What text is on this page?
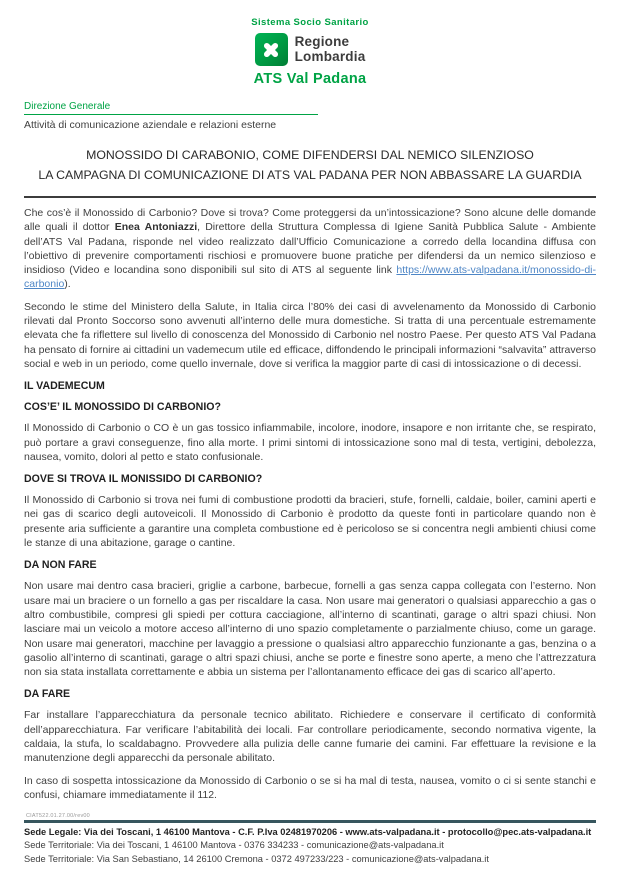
Sistema Socio Sanitario
Regione
Lombardia
ATS Val Padana
Direzione Generale
Attività di comunicazione aziendale e relazioni esterne
MONOSSIDO DI CARABONIO, COME DIFENDERSI DAL NEMICO SILENZIOSO
LA CAMPAGNA DI COMUNICAZIONE DI ATS VAL PADANA PER NON ABBASSARE LA GUARDIA

Che cos’è il Monossido di Carbonio? Dove si trova? Come proteggersi da un’intossicazione? Sono alcune delle domande alle quali il dottor Enea Antoniazzi, Direttore della Struttura Complessa di Igiene Sanità Pubblica Salute - Ambiente dell’ATS Val Padana, risponde nel video realizzato dall’Ufficio Comunicazione a corredo della locandina diffusa con l’obiettivo di prevenire comportamenti rischiosi e promuovere buone pratiche per difendersi da un nemico silenzioso e insidioso (Video e locandina sono disponibili sul sito di ATS al seguente link https://www.ats-valpadana.it/monossido-di-carbonio).

Secondo le stime del Ministero della Salute, in Italia circa l’80% dei casi di avvelenamento da Monossido di Carbonio rilevati dal Pronto Soccorso sono avvenuti all’interno delle mura domestiche. Si tratta di una percentuale estremamente elevata che fa riflettere sul livello di conoscenza del Monossido di Carbonio nel nostro Paese. Per questo ATS Val Padana ha pensato di fornire ai cittadini un vademecum utile ed efficace, diffondendo le principali informazioni “salvavita” attraverso social e web in un periodo, come quello invernale, dove si verifica la maggior parte di casi di intossicazione o di decessi.

IL VADEMECUM
COS’E’ IL MONOSSIDO DI CARBONIO?

Il Monossido di Carbonio o CO è un gas tossico infiammabile, incolore, inodore, insapore e non irritante che, se respirato, può portare a gravi conseguenze, fino alla morte. I primi sintomi di intossicazione sono mal di testa, vertigini, debolezza, nausea, vomito, dolori al petto e stato confusionale.

DOVE SI TROVA IL MONISSIDO DI CARBONIO?

Il Monossido di Carbonio si trova nei fumi di combustione prodotti da bracieri, stufe, fornelli, caldaie, boiler, camini aperti e nei gas di scarico degli autoveicoli. Il Monossido di Carbonio è prodotto da queste fonti in particolare quando non è presente aria sufficiente a garantire una completa combustione ed è pericoloso se si concentra negli ambienti chiusi come le stanze di una abitazione, garage o cantine.

DA NON FARE

Non usare mai dentro casa bracieri, griglie a carbone, barbecue, fornelli a gas senza cappa collegata con l’esterno. Non usare mai un braciere o un fornello a gas per riscaldare la casa. Non usare mai generatori o qualsiasi apparecchio a gas o altro combustibile, compresi gli spiedi per cottura cacciagione, all’interno di scantinati, garage o altri spazi chiusi. Non lasciare mai un veicolo a motore acceso all’interno di uno spazio completamente o parzialmente chiuso, come un garage. Non usare mai generatori, macchine per lavaggio a pressione o qualsiasi altro apparecchio funzionante a gas, benzina o a gasolio all’interno di scantinati, garage o altri spazi chiusi, anche se porte e finestre sono aperte, a meno che l’attrezzatura non sia stata installata correttamente e abbia un sistema per l’allontanamento efficace dei gas di scarico all’aperto.

DA FARE

Far installare l’apparecchiatura da personale tecnico abilitato. Richiedere e conservare il certificato di conformità dell’apparecchiatura. Far verificare l’abitabilità dei locali. Far controllare periodicamente, secondo normativa vigente, la caldaia, la stufa, lo scaldabagno. Provvedere alla pulizia delle canne fumarie dei camini. Far effettuare la revisione e la manutenzione degli apparecchi da personale abilitato.

In caso di sospetta intossicazione da Monossido di Carbonio o se si ha mal di testa, nausea, vomito o ci si sente stanchi e confusi, chiamare immediatamente il 112.

CIAT522.01.27.00/rev00
Sede Legale: Via dei Toscani, 1 46100 Mantova - C.F. P.Iva 02481970206 - www.ats-valpadana.it - protocollo@pec.ats-valpadana.it
Sede Territoriale: Via dei Toscani, 1 46100 Mantova - 0376 334233 - comunicazione@ats-valpadana.it
Sede Territoriale: Via San Sebastiano, 14 26100 Cremona - 0372 497233/223 - comunicazione@ats-valpadana.it
